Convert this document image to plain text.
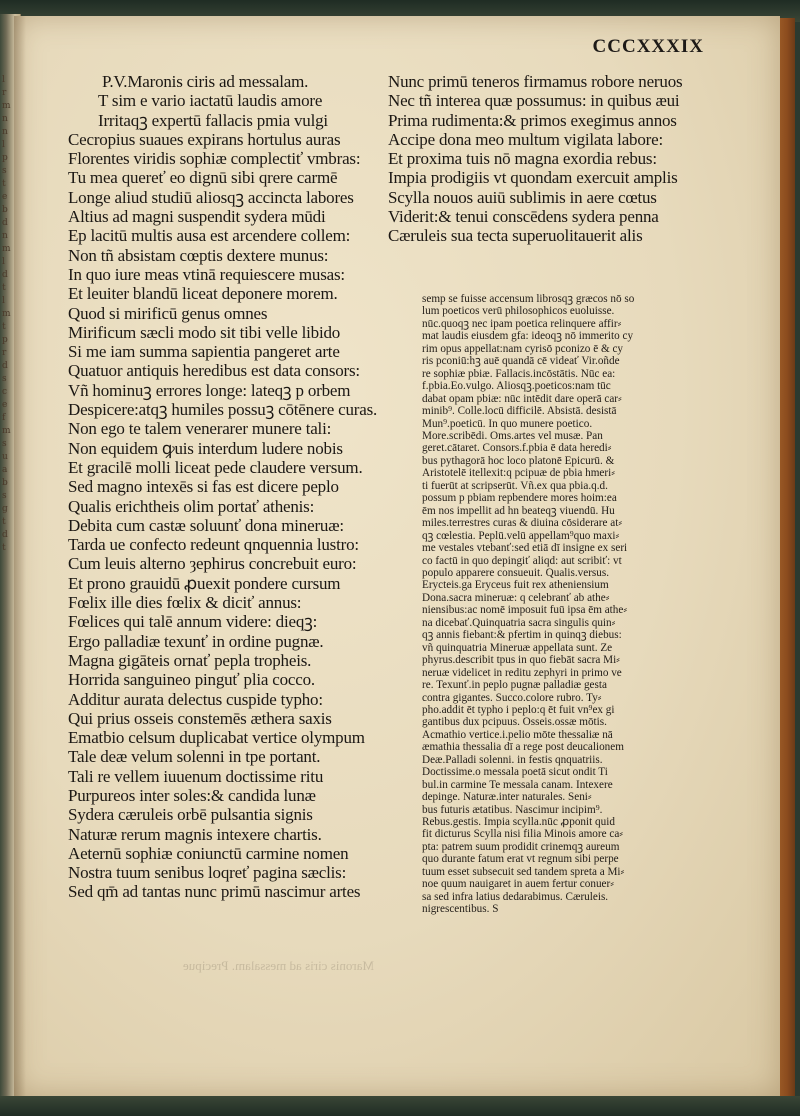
l
r
m
n
n
l
p
s
t
e
b
d
n
m
l
d
t
l
m
t
p
r
d
s
c
e
f
m
s
u
a
b
s
g
t
d
t
CCCXXXIX
P.V.Maronis ciris ad messalam.
T sim e vario iactatū laudis amore
Irritaqꝫ expertū fallacis pmia vulgi
Cecropius suaues expirans hortulus auras
Florentes viridis sophiæ complectiť vmbras:
Tu mea quereť eo dignū sibi qrere carmē
Longe aliud studiū aliosqꝫ accincta labores
Altius ad magni suspendit sydera mūdi
Ep lacitū multis ausa est arcendere collem:
Non tñ absistam cœptis dextere munus:
In quo iure meas vtinā requiescere musas:
Et leuiter blandū liceat deponere morem.
Quod si mirificū genus omnes
Mirificum sæcli modo sit tibi velle libido
Si me iam summa sapientia pangeret arte
Quatuor antiquis heredibus est data consors:
Vñ hominuꝫ errores longe: lateqꝫ p orbem
Despicere:atqꝫ humiles possuꝫ cōtēnere curas.
Non ego te talem venerarer munere tali:
Non equidem ꝙuis interdum ludere nobis
Et gracilē molli liceat pede claudere versum.
Sed magno intexēs si fas est dicere peplo
Qualis erichtheis olim portať athenis:
Debita cum castæ soluunť dona mineruæ:
Tarda ue confecto redeunt qnquennia lustro:
Cum leuis alterno ȝephirus concrebuit euro:
Et prono grauidū ꝓuexit pondere cursum
Fœlix ille dies fœlix & diciť annus:
Fœlices qui talē annum videre: dieqꝫ:
Ergo palladiæ texunť in ordine pugnæ.
Magna gigāteis ornať pepla tropheis.
Horrida sanguineo pinguť plia cocco.
Additur aurata delectus cuspide typho:
Qui prius osseis constemēs æthera saxis
Ematbio celsum duplicabat vertice olympum
Tale deæ velum solenni in tpe portant.
Tali re vellem iuuenum doctissime ritu
Purpureos inter soles:& candida lunæ
Sydera cæruleis orbē pulsantia signis
Naturæ rerum magnis intexere chartis.
Aeternū sophiæ coniunctū carmine nomen
Nostra tuum senibus loqreť pagina sæclis:
Sed qm̄ ad tantas nunc primū nascimur artes
Nunc primū teneros firmamus robore neruos
Nec tñ interea quæ possumus: in quibus æui
Prima rudimenta:& primos exegimus annos
Accipe dona meo multum vigilata labore:
Et proxima tuis nō magna exordia rebus:
Impia prodigiis vt quondam exercuit amplis
Scylla nouos auiū sublimis in aere cœtus
Viderit:& tenui conscēdens sydera penna
Cæruleis sua tecta superuolitauerit alis
semp se fuisse accensum librosqꝫ græcos nō so
lum poeticos verū philosophicos euoluisse.
nūc.quoqꝫ nec ipam poetica relinquere affir⸗
mat laudis eiusdem gfa: ideoqꝫ nō immerito cy
rim opus appellat:nam cyrisō pconizo ē & cy
ris pconiū:hꝫ auē quandā cē videať Vir.oñde
re sophiæ pbiæ. Fallacis.incōstātis. Nūc ea:
f.pbia.Eo.vulgo. Aliosqꝫ.poeticos:nam tūc
dabat opam pbiæ: nūc intēdit dare operā car⸗
minib⁹. Colle.locū difficilē. Absistā. desistā
Mun⁹.poeticū. In quo munere poetico.
More.scribēdi. Oms.artes vel musæ. Pan
geret.cātaret. Consors.f.pbia ē data heredi⸗
bus pythagorā hoc loco platonē Epicurū. &
Aristotelē itellexit:q pcipuæ de pbia hmeri⸗
ti fuerūt at scripserūt. Vñ.ex qua pbia.q.d.
possum p pbiam repbendere mores hoim:ea
ēm nos impellit ad hn beateqꝫ viuendū. Hu
miles.terrestres curas & diuina cōsiderare at⸗
qꝫ cœlestia. Peplū.velū appellam⁹quo maxi⸗
me vestales vtebanť:sed etiā dī insigne ex seri
co factū in quo depingiť aliqd: aut scribiť: vt
populo apparere consueuit. Qualis.versus.
Erycteis.ga Eryceus fuit rex atheniensium
Dona.sacra mineruæ: q celebranť ab athe⸗
niensibus:ac nomē imposuit fuū ipsa ēm athe⸗
na dicebať.Quinquatria sacra singulis quin⸗
qꝫ annis fiebant:& pfertim in quinqꝫ diebus:
vñ quinquatria Mineruæ appellata sunt. Ze
phyrus.describit tpus in quo fiebāt sacra Mi⸗
neruæ videlicet in reditu zephyri in primo ve
re. Texunť.in peplo pugnæ palladiæ gesta
contra gigantes. Succo.colore rubro. Ty⸗
pho.addit ēt typho i peplo:q ēt fuit vn⁹ex gi
gantibus dux pcipuus. Osseis.ossæ mōtis.
Acmathio vertice.i.pelio mōte thessaliæ nā
æmathia thessalia dī a rege post deucalionem
Deæ.Palladi solenni. in festis qnquatriis.
Doctissime.o messala poetā sicut ondit Ti
bul.in carmine Te messala canam. Intexere
depinge. Naturæ.inter naturales. Seni⸗
bus futuris ætatibus. Nascimur incipim⁹.
Rebus.gestis. Impia scylla.nūc ꝓponit quid
fit dicturus Scylla nisi filia Minois amore ca⸗
pta: patrem suum prodidit crinemqꝫ aureum
quo durante fatum erat vt regnum sibi perpe
tuum esset subsecuit sed tandem spreta a Mi⸗
noe quum nauigaret in auem fertur conuer⸗
sa sed infra latius dedarabimus. Cæruleis.
nigrescentibus. S
Maronis ciris ad messalam. Precipue
